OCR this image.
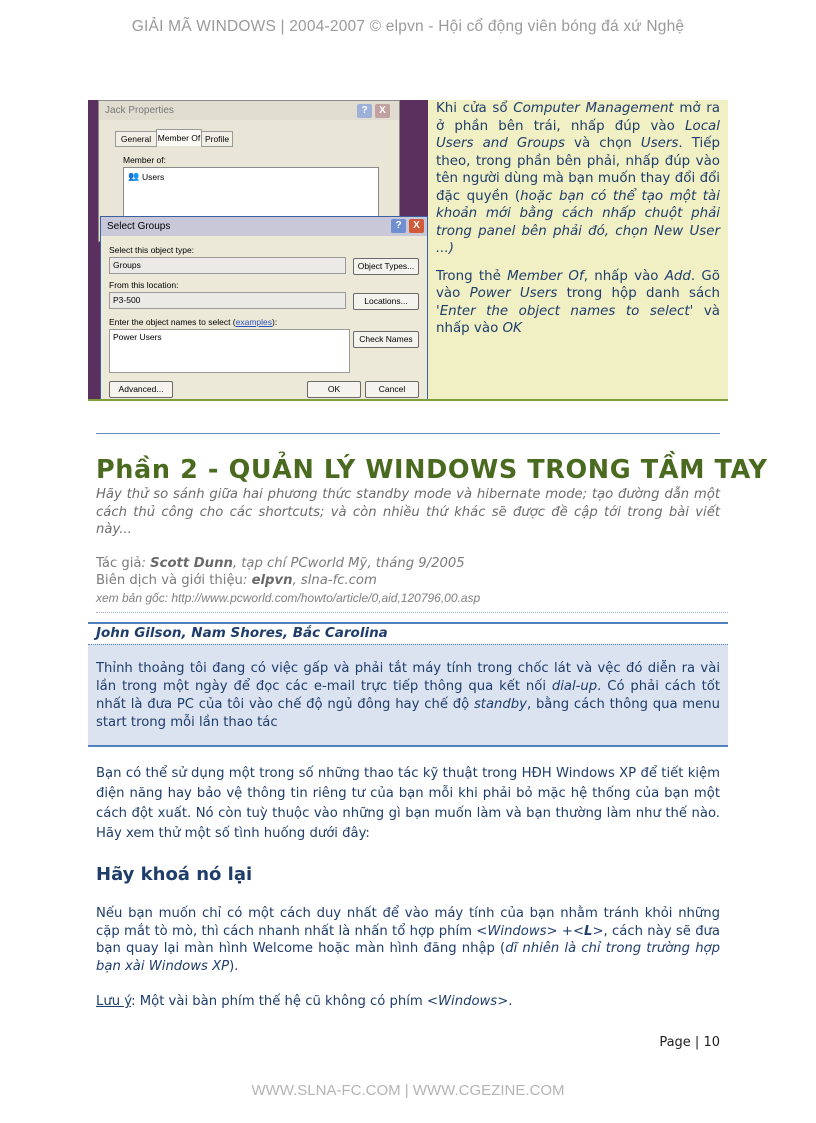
GIẢI MÃ WINDOWS | 2004-2007 © elpvn - Hội cổ động viên bóng đá xứ Nghệ
Jack Properties	?	X
General Member Of Profile
Member of:
👥 Users
Select Groups	?	X
Select this object type:
Groups	Object Types...
From this location:
P3-500	Locations...
Enter the object names to select (examples):
Power Users	Check Names
Advanced...	OK	Cancel

Khi cửa sổ Computer Management mở ra ở phần bên trái, nhấp đúp vào Local Users and Groups và chọn Users. Tiếp theo, trong phần bên phải, nhấp đúp vào tên người dùng mà bạn muốn thay đổi đổi đặc quyền (hoặc bạn có thể tạo một tài khoản mới bằng cách nhấp chuột phải trong panel bên phải đó, chọn New User ...)

Trong thẻ Member Of, nhấp vào Add. Gõ vào Power Users trong hộp danh sách 'Enter the object names to select' và nhấp vào OK

Phần 2 - QUẢN LÝ WINDOWS TRONG TẦM TAY
Hãy thử so sánh giữa hai phương thức standby mode và hibernate mode; tạo đường dẫn một cách thủ công cho các shortcuts; và còn nhiều thứ khác sẽ được đề cập tới trong bài viết này...
Tác giả: Scott Dunn, tạp chí PCworld Mỹ, tháng 9/2005
Biên dịch và giới thiệu: elpvn, slna-fc.com
xem bản gốc: http://www.pcworld.com/howto/article/0,aid,120796,00.asp
John Gilson, Nam Shores, Bắc Carolina
Thỉnh thoảng tôi đang có việc gấp và phải tắt máy tính trong chốc lát và vệc đó diễn ra vài lần trong một ngày để đọc các e-mail trực tiếp thông qua kết nối dial-up. Có phải cách tốt nhất là đưa PC của tôi vào chế độ ngủ đông hay chế độ standby, bằng cách thông qua menu start trong mỗi lần thao tác
Bạn có thể sử dụng một trong số những thao tác kỹ thuật trong HĐH Windows XP để tiết kiệm điện năng hay bảo vệ thông tin riêng tư của bạn mỗi khi phải bỏ mặc hệ thống của bạn một cách đột xuất. Nó còn tuỳ thuộc vào những gì bạn muốn làm và bạn thường làm như thế nào. Hãy xem thử một số tình huống dưới đây:
Hãy khoá nó lại
Nếu bạn muốn chỉ có một cách duy nhất để vào máy tính của bạn nhằm tránh khỏi những cặp mắt tò mò, thì cách nhanh nhất là nhấn tổ hợp phím <Windows> +<L>, cách này sẽ đưa bạn quay lại màn hình Welcome hoặc màn hình đăng nhập (dĩ nhiên là chỉ trong trường hợp bạn xài Windows XP).
Lưu ý: Một vài bàn phím thế hệ cũ không có phím <Windows>.
Page | 10
WWW.SLNA-FC.COM | WWW.CGEZINE.COM
